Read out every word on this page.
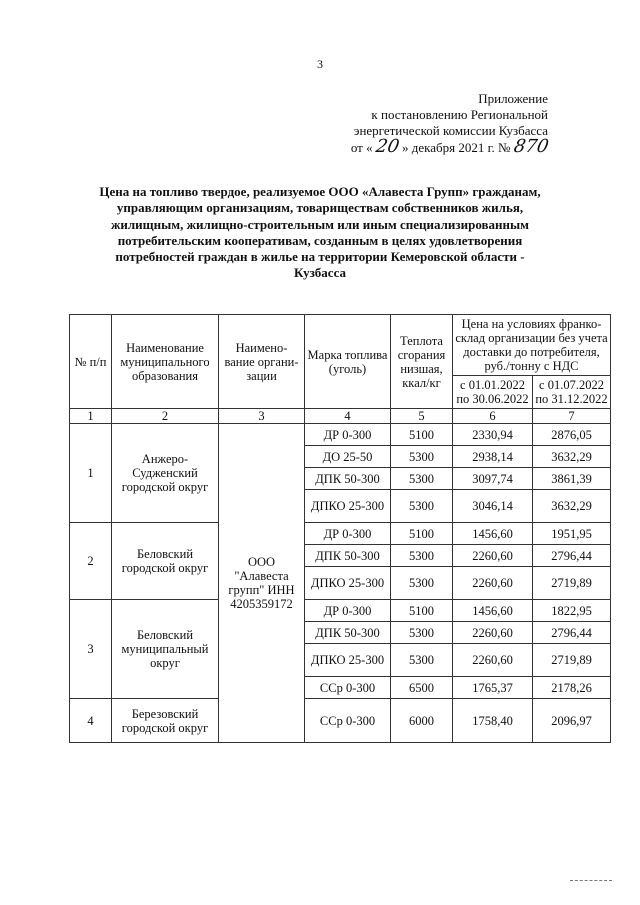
3
Приложение
к постановлению Региональной
энергетической комиссии Кузбасса
от « 20 » декабря 2021 г. № 870
Цена на топливо твердое, реализуемое ООО «Алавеста Групп» гражданам, управляющим организациям, товариществам собственников жилья, жилищным, жилищно-строительным или иным специализированным потребительским кооперативам, созданным в целях удовлетворения потребностей граждан в жилье на территории Кемеровской области - Кузбасса
№ п/п	Наименование муниципального образования	Наимено-вание органи-зации	Марка топлива (уголь)	Теплота сгорания низшая, ккал/кг	Цена на условиях франко-склад организации без учета доставки до потребителя, руб./тонну с НДС	
					с 01.01.2022 по 30.06.2022	с 01.07.2022 по 31.12.2022
1	2	3	4	5	6	7
1	Анжеро-Судженский городской округ	ООО "Алавеста групп" ИНН 4205359172	ДР 0-300	5100	2330,94	2876,05
			ДО 25-50	5300	2938,14	3632,29
			ДПК 50-300	5300	3097,74	3861,39
			ДПКО 25-300	5300	3046,14	3632,29
2	Беловский городской округ		ДР 0-300	5100	1456,60	1951,95
			ДПК 50-300	5300	2260,60	2796,44
			ДПКО 25-300	5300	2260,60	2719,89
3	Беловский муниципальный округ		ДР 0-300	5100	1456,60	1822,95
			ДПК 50-300	5300	2260,60	2796,44
			ДПКО 25-300	5300	2260,60	2719,89
			ССр 0-300	6500	1765,37	2178,26
4	Березовский городской округ		ССр 0-300	6000	1758,40	2096,97
